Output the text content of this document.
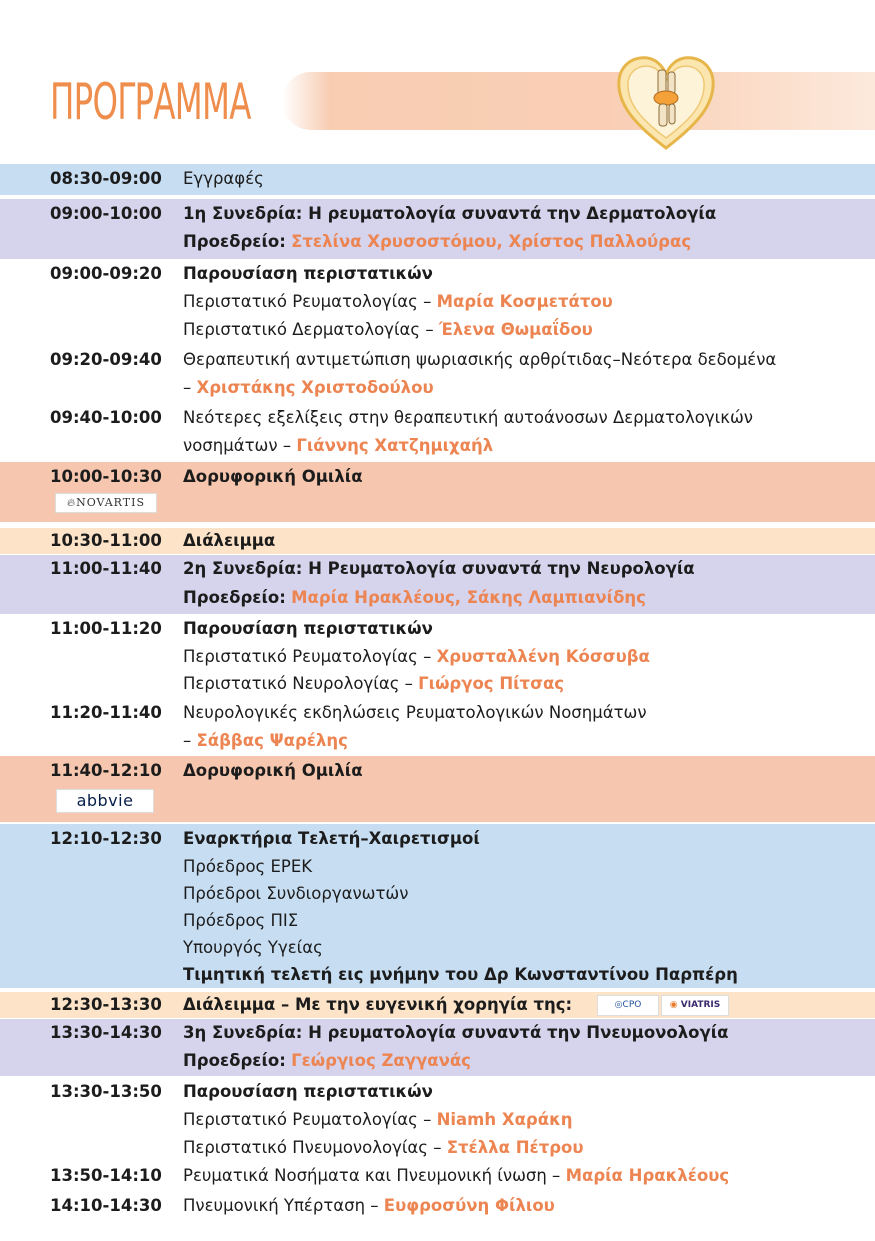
ΠΡΟΓΡΑΜΜΑ
08:30-09:00 Εγγραφές
09:00-10:00 1η Συνεδρία: Η ρευματολογία συναντά την Δερματολογία
Προεδρείο: Στελίνα Χρυσοστόμου, Χρίστος Παλλούρας
09:00-09:20 Παρουσίαση περιστατικών
Περιστατικό Ρευματολογίας – Μαρία Κοσμετάτου
Περιστατικό Δερματολογίας – Έλενα Θωμαΐδου
09:20-09:40 Θεραπευτική αντιμετώπιση ψωριασικής αρθρίτιδας–Νεότερα δεδομένα
– Χριστάκης Χριστοδούλου
09:40-10:00 Νεότερες εξελίξεις στην θεραπευτική αυτοάνοσων Δερματολογικών
νοσημάτων – Γιάννης Χατζημιχαήλ
10:00-10:30 Δορυφορική Ομιλία
🔥︎NOVARTIS
10:30-11:00 Διάλειμμα
11:00-11:40 2η Συνεδρία: Η Ρευματολογία συναντά την Νευρολογία
Προεδρείο: Μαρία Ηρακλέους, Σάκης Λαμπιανίδης
11:00-11:20 Παρουσίαση περιστατικών
Περιστατικό Ρευματολογίας – Χρυσταλλένη Κόσσυβα
Περιστατικό Νευρολογίας – Γιώργος Πίτσας
11:20-11:40 Νευρολογικές εκδηλώσεις Ρευματολογικών Νοσημάτων
– Σάββας Ψαρέλης
11:40-12:10 Δορυφορική Ομιλία
abbvie
12:10-12:30 Εναρκτήρια Τελετή–Χαιρετισμοί
Πρόεδρος ΕΡΕΚ
Πρόεδροι Συνδιοργανωτών
Πρόεδρος ΠΙΣ
Υπουργός Υγείας
Τιμητική τελετή εις μνήμην του Δρ Κωνσταντίνου Παρπέρη
12:30-13:30 Διάλειμμα – Με την ευγενική χορηγία της:	◎CPO	◉ VIATRIS
13:30-14:30 3η Συνεδρία: Η ρευματολογία συναντά την Πνευμονολογία
Προεδρείο: Γεώργιος Ζαγγανάς
13:30-13:50 Παρουσίαση περιστατικών
Περιστατικό Ρευματολογίας – Niamh Χαράκη
Περιστατικό Πνευμονολογίας – Στέλλα Πέτρου
13:50-14:10 Ρευματικά Νοσήματα και Πνευμονική ίνωση – Μαρία Ηρακλέους
14:10-14:30 Πνευμονική Υπέρταση – Ευφροσύνη Φίλιου
